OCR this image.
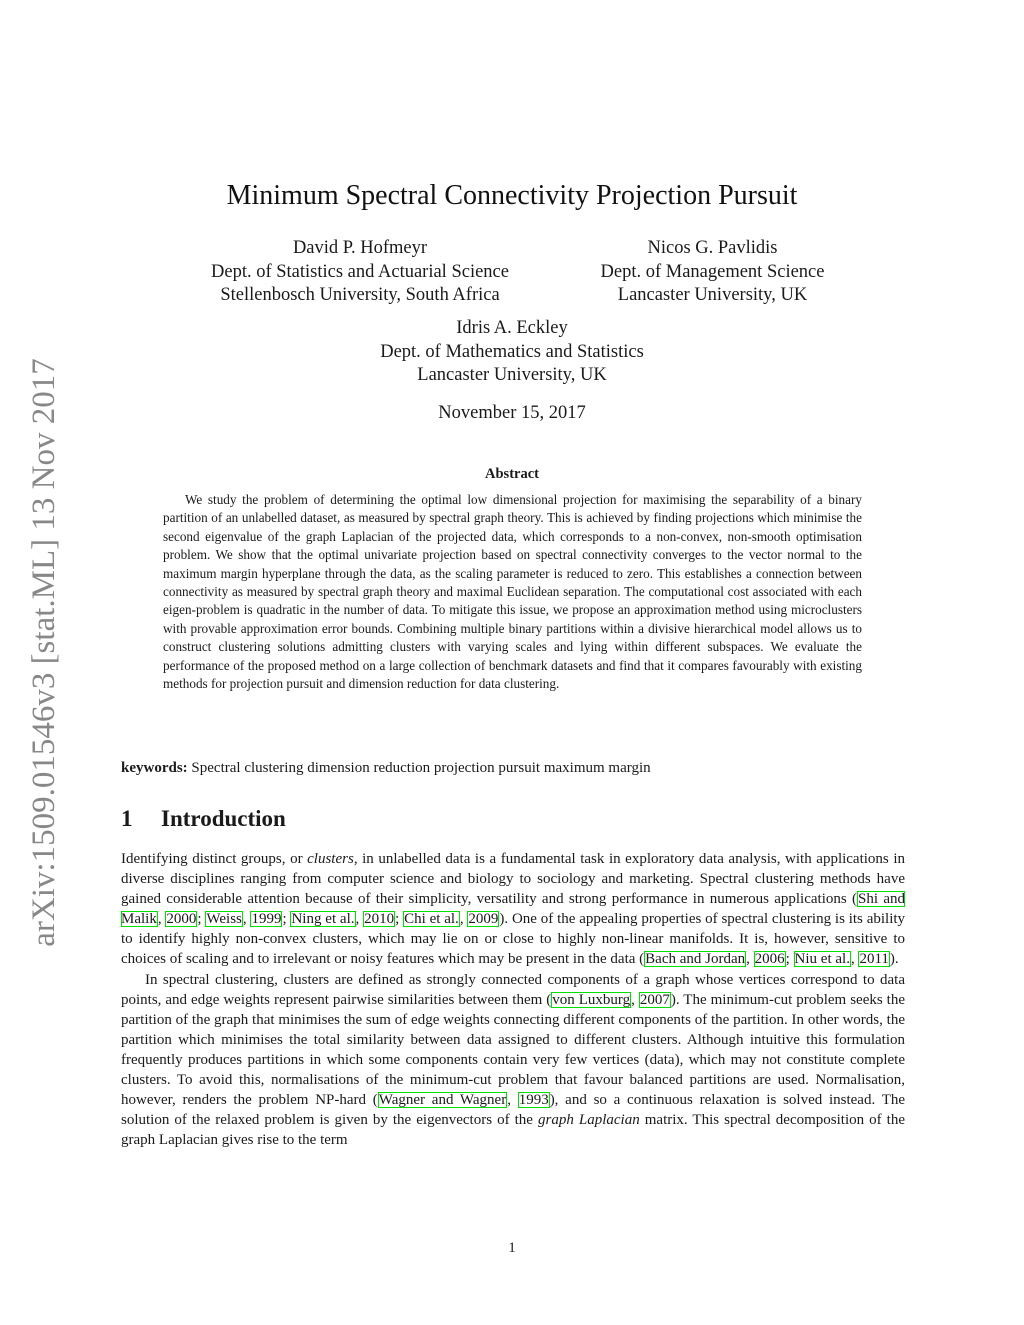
arXiv:1509.01546v3 [stat.ML] 13 Nov 2017
Minimum Spectral Connectivity Projection Pursuit
David P. Hofmeyr
Dept. of Statistics and Actuarial Science
Stellenbosch University, South Africa
Nicos G. Pavlidis
Dept. of Management Science
Lancaster University, UK
Idris A. Eckley
Dept. of Mathematics and Statistics
Lancaster University, UK
November 15, 2017
Abstract

We study the problem of determining the optimal low dimensional projection for maximising the separability of a binary partition of an unlabelled dataset, as measured by spectral graph theory. This is achieved by finding projections which minimise the second eigenvalue of the graph Laplacian of the projected data, which corresponds to a non-convex, non-smooth optimisation problem. We show that the optimal univariate projection based on spectral connectivity converges to the vector normal to the maximum margin hyperplane through the data, as the scaling parameter is reduced to zero. This establishes a connection between connectivity as measured by spectral graph theory and maximal Euclidean separation. The computational cost associated with each eigen-problem is quadratic in the number of data. To mitigate this issue, we propose an approximation method using microclusters with provable approximation error bounds. Combining multiple binary partitions within a divisive hierarchical model allows us to construct clustering solutions admitting clusters with varying scales and lying within different subspaces. We evaluate the performance of the proposed method on a large collection of benchmark datasets and find that it compares favourably with existing methods for projection pursuit and dimension reduction for data clustering.

keywords: Spectral clustering dimension reduction projection pursuit maximum margin
1 Introduction

Identifying distinct groups, or clusters, in unlabelled data is a fundamental task in exploratory data analysis, with applications in diverse disciplines ranging from computer science and biology to sociology and marketing. Spectral clustering methods have gained considerable attention because of their simplicity, versatility and strong performance in numerous applications (Shi and Malik, 2000; Weiss, 1999; Ning et al., 2010; Chi et al., 2009). One of the appealing properties of spectral clustering is its ability to identify highly non-convex clusters, which may lie on or close to highly non-linear manifolds. It is, however, sensitive to choices of scaling and to irrelevant or noisy features which may be present in the data (Bach and Jordan, 2006; Niu et al., 2011).

In spectral clustering, clusters are defined as strongly connected components of a graph whose vertices correspond to data points, and edge weights represent pairwise similarities between them (von Luxburg, 2007). The minimum-cut problem seeks the partition of the graph that minimises the sum of edge weights connecting different components of the partition. In other words, the partition which minimises the total similarity between data assigned to different clusters. Although intuitive this formulation frequently produces partitions in which some components contain very few vertices (data), which may not constitute complete clusters. To avoid this, normalisations of the minimum-cut problem that favour balanced partitions are used. Normalisation, however, renders the problem NP-hard (Wagner and Wagner, 1993), and so a continuous relaxation is solved instead. The solution of the relaxed problem is given by the eigenvectors of the graph Laplacian matrix. This spectral decomposition of the graph Laplacian gives rise to the term

1
